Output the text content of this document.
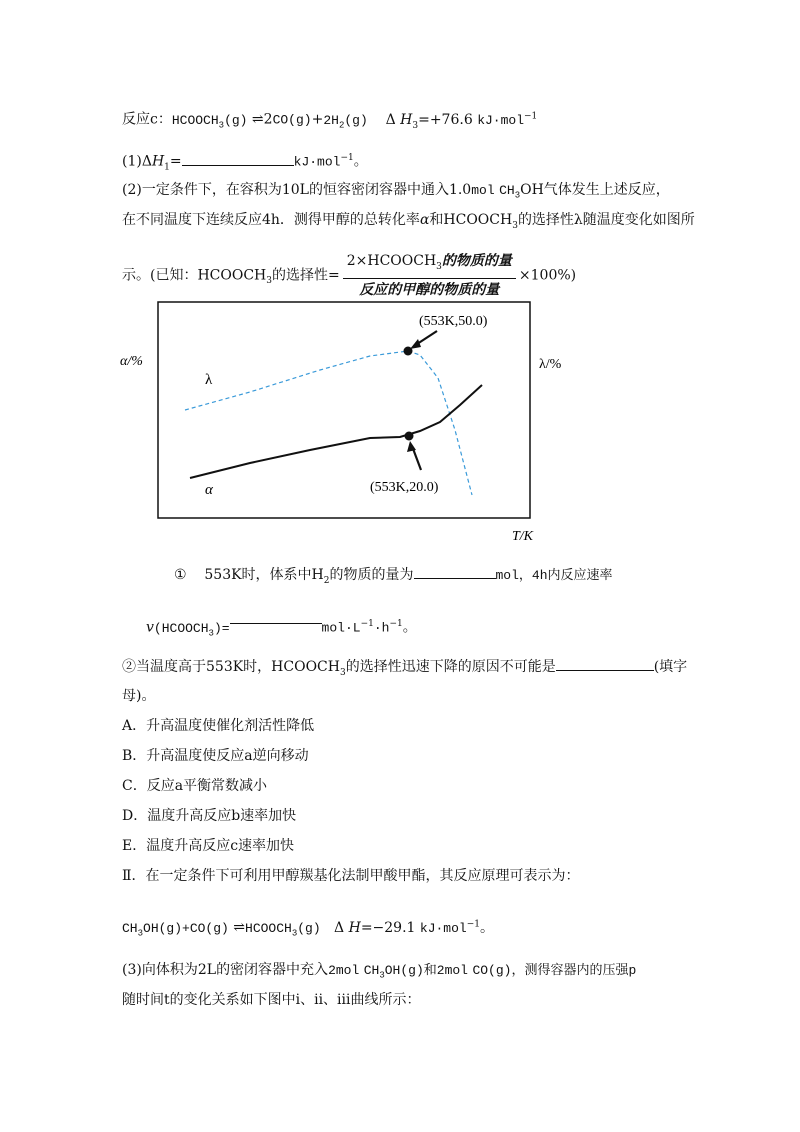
反应c：$HCOOCH_3(g)$ $\rightleftharpoons 2CO(g)+2H_2(g)$ Δ $H_3=+76.6$ kJ·mol$^{-1}$
$(1)\Delta H_1=$	kJ·mol$^{-1}$。
(2)一定条件下，在容积为10L的恒容密闭容器中通入1.0mol $CH_3OH$气体发生上述反应，
在不同温度下连续反应4h．测得甲醇的总转化率α和$HCOOCH_3$的选择性λ随温度变化如图所
示。(已知：$HCOOCH_3$的选择性= $\frac{2\times HCOOCH_3的物质的量}{\text{反应的甲醇的物质的量}} \times 100\%$)
α/%	λ/%
T/K
λ
α
(553K,50.0)
(553K,20.0)
① 553K时，体系中$H_2$的物质的量为	mol，4h内反应速率
$v(HCOOCH_3)=$	$mol\cdot L^{-1}\cdot h^{-1}$。
②当温度高于553K时，$HCOOCH_3$的选择性迅速下降的原因不可能是	(填字
母)。
A．升高温度使催化剂活性降低
B．升高温度使反应a逆向移动
C．反应a平衡常数减小
D．温度升高反应b速率加快
E．温度升高反应c速率加快
Ⅱ．在一定条件下可利用甲醇羰基化法制甲酸甲酯，其反应原理可表示为：
$CH_3OH(g)+CO(g)$ $\rightleftharpoons HCOOCH_3(g)$ Δ H=−29.1 kJ·mol$^{-1}$。
(3)向体积为2L的密闭容器中充入2mol $CH_3OH(g)$和2mol CO(g)，测得容器内的压强p
随时间t的变化关系如下图中ⅰ、ⅱ、ⅲ曲线所示：
